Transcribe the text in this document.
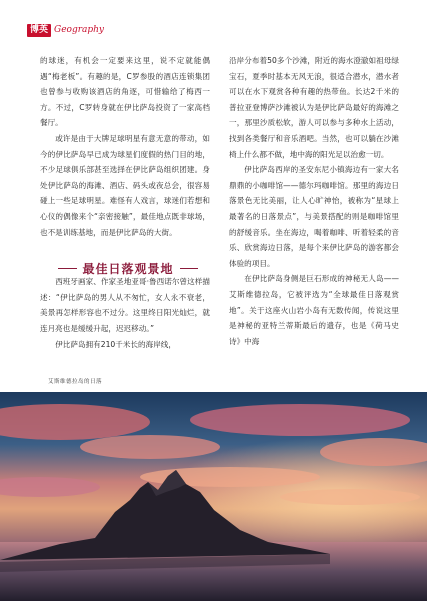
博英 Geography

的球迷，有机会一定要来这里，说不定就能偶遇“梅老板”。有趣的是，C罗参股的酒店连锁集团也曾参与收购该酒店的角逐，可惜输给了梅西一方。不过，C罗转身就在伊比萨岛投资了一家高档餐厅。

或许是由于大牌足球明星有意无意的带动，如今的伊比萨岛早已成为球星们度假的热门目的地，不少足球俱乐部甚至选择在伊比萨岛组织团建。身处伊比萨岛的海滩、酒店、码头或夜总会，很容易碰上一些足球明星。难怪有人戏言，球迷们若想和心仪的偶像来个“亲密接触”，最佳地点既非球场，也不是训练基地，而是伊比萨岛的大街。

西班牙画家、作家圣地亚哥·鲁西诺尔曾这样描述：“伊比萨岛的男人从不匆忙，女人永不衰老，美景再怎样形容也不过分。这里终日阳光灿烂，就连月亮也是缓缓升起，迟迟移动。”

伊比萨岛拥有210千米长的海岸线，

最佳日落观景地

沿岸分布着50多个沙滩，附近的海水澄澈如祖母绿宝石，夏季时基本无风无浪，很适合潜水，潜水者可以在水下观赏各种有趣的热带鱼。长达2千米的普拉亚登博萨沙滩被认为是伊比萨岛最好的海滩之一，那里沙质松软，游人可以参与多种水上活动，找到各类餐厅和音乐酒吧。当然，也可以躺在沙滩椅上什么都不做，地中海的阳光足以治愈一切。

伊比萨岛西岸的圣安东尼小镇海边有一家大名鼎鼎的小咖啡馆——德尔玛咖啡馆。那里的海边日落景色无比美丽，让人心旷神怡，被称为“星球上最著名的日落景点”，与美景搭配的则是咖啡馆里的舒缓音乐。坐在海边，喝着咖啡、听着轻柔的音乐、欣赏海边日落，是每个来伊比萨岛的游客都会体验的项目。

在伊比萨岛身侧是巨石形成的神秘无人岛——艾斯维德拉岛，它被评选为“全球最佳日落观赏地”。关于这座火山岩小岛有无数传闻，传说这里是神秘的亚特兰蒂斯最后的遗存，也是《荷马史诗》中海

艾斯维德拉岛的日落
